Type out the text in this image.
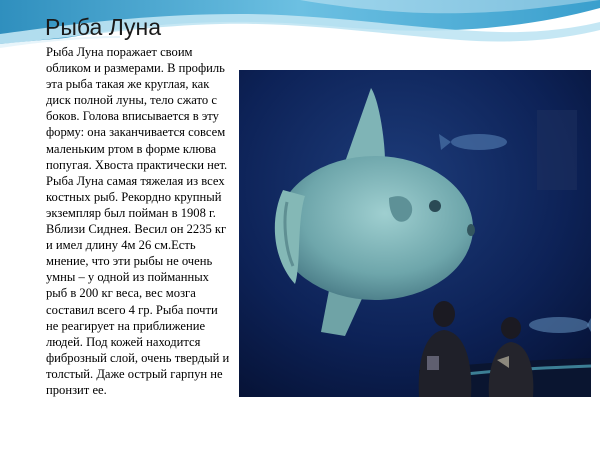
Рыба Луна

Рыба Луна поражает своим обликом и размерами. В профиль эта рыба такая же круглая, как диск полной луны, тело сжато с боков. Голова вписывается в эту форму: она заканчивается совсем маленьким ртом в форме клюва попугая. Хвоста практически нет. Рыба Луна самая тяжелая из всех костных рыб. Рекордно крупный экземпляр был пойман в 1908 г. Вблизи Сиднея. Весил он 2235 кг и имел длину 4м 26 см.Есть мнение, что эти рыбы не очень умны – у одной из пойманных рыб в 200 кг веса, вес мозга составил всего 4 гр. Рыба почти не реагирует на приближение людей. Под кожей находится фиброзный слой, очень твердый и толстый. Даже острый гарпун не пронзит ее.
